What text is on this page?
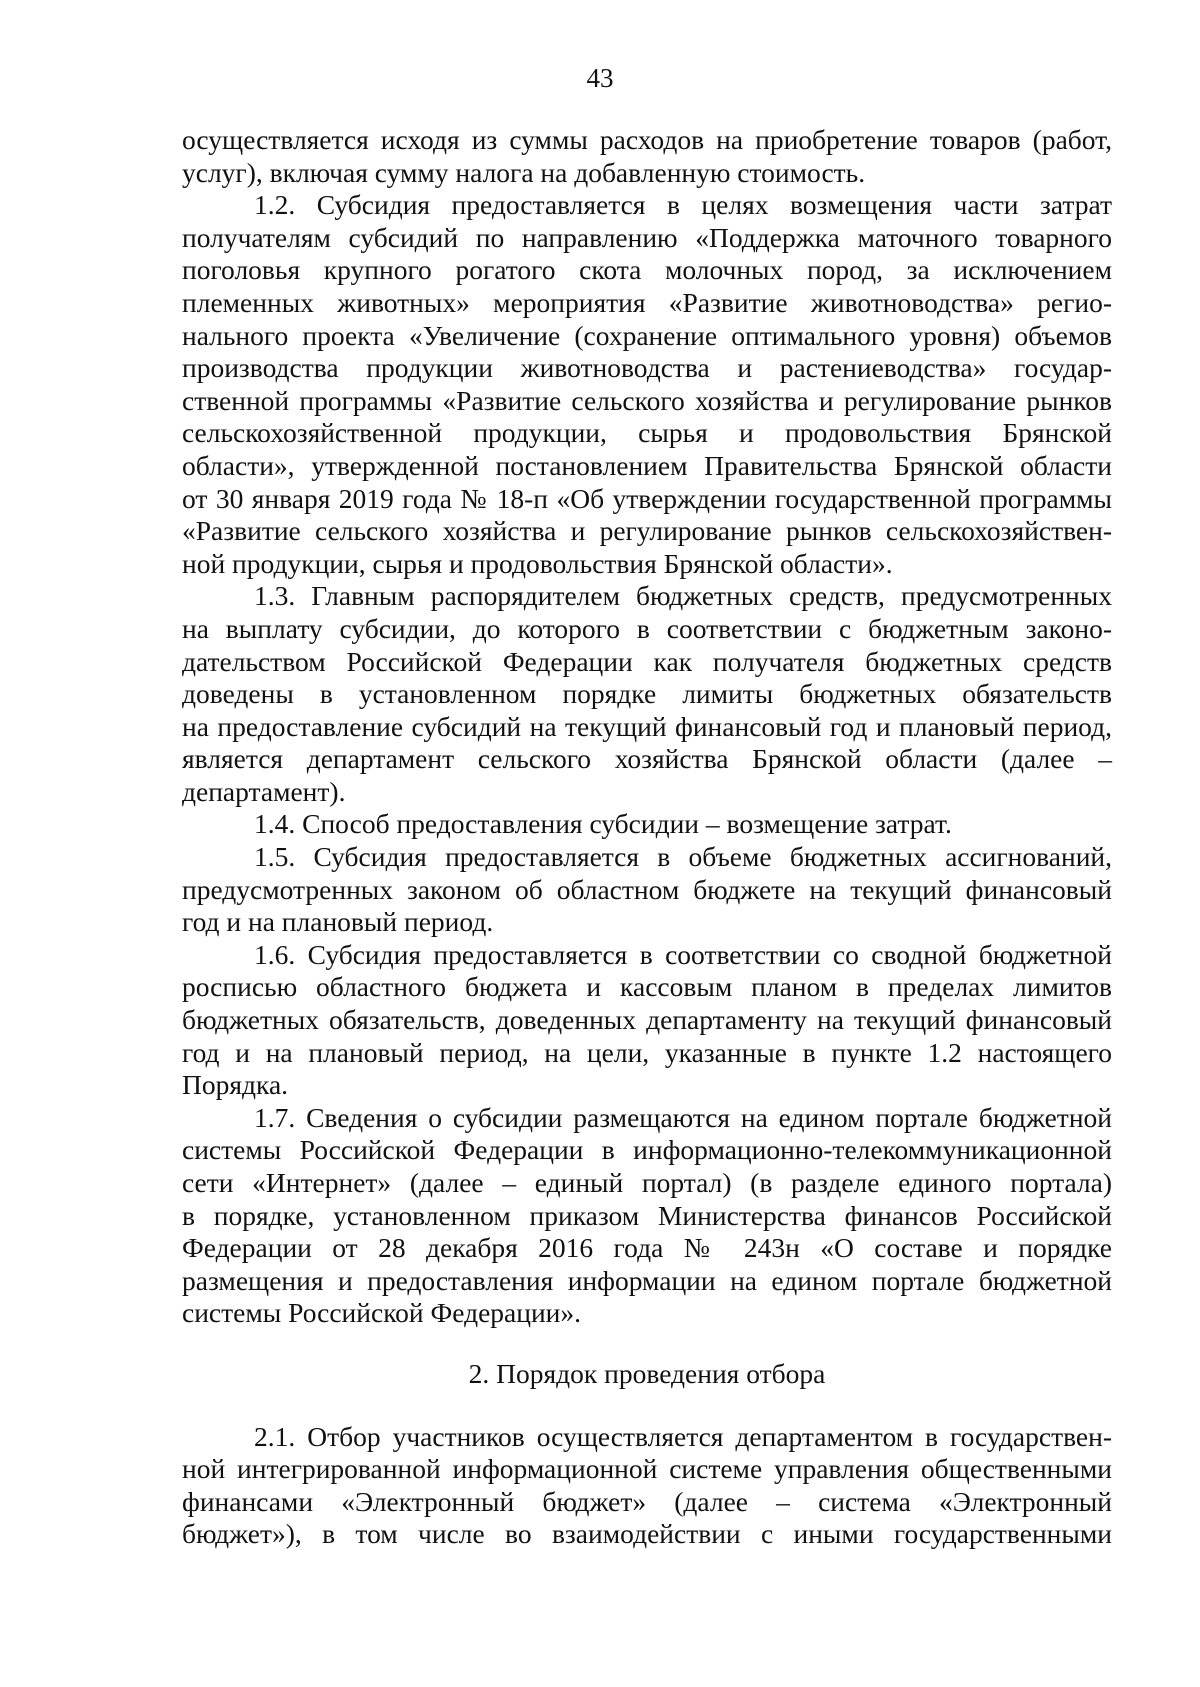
43
осуществляется исходя из суммы расходов на приобретение товаров (работ,
услуг), включая сумму налога на добавленную стоимость.
1.2. Субсидия предоставляется в целях возмещения части затрат
получателям субсидий по направлению «Поддержка маточного товарного
поголовья крупного рогатого скота молочных пород, за исключением
племенных животных» мероприятия «Развитие животноводства» регио-
нального проекта «Увеличение (сохранение оптимального уровня) объемов
производства продукции животноводства и растениеводства» государ-
ственной программы «Развитие сельского хозяйства и регулирование рынков
сельскохозяйственной продукции, сырья и продовольствия Брянской
области», утвержденной постановлением Правительства Брянской области
от 30 января 2019 года № 18-п «Об утверждении государственной программы
«Развитие сельского хозяйства и регулирование рынков сельскохозяйствен-
ной продукции, сырья и продовольствия Брянской области».
1.3. Главным распорядителем бюджетных средств, предусмотренных
на выплату субсидии, до которого в соответствии с бюджетным законо-
дательством Российской Федерации как получателя бюджетных средств
доведены в установленном порядке лимиты бюджетных обязательств
на предоставление субсидий на текущий финансовый год и плановый период,
является департамент сельского хозяйства Брянской области (далее –
департамент).
1.4. Способ предоставления субсидии – возмещение затрат.
1.5. Субсидия предоставляется в объеме бюджетных ассигнований,
предусмотренных законом об областном бюджете на текущий финансовый
год и на плановый период.
1.6. Субсидия предоставляется в соответствии со сводной бюджетной
росписью областного бюджета и кассовым планом в пределах лимитов
бюджетных обязательств, доведенных департаменту на текущий финансовый
год и на плановый период, на цели, указанные в пункте 1.2 настоящего
Порядка.
1.7. Сведения о субсидии размещаются на едином портале бюджетной
системы Российской Федерации в информационно-телекоммуникационной
сети «Интернет» (далее – единый портал) (в разделе единого портала)
в порядке, установленном приказом Министерства финансов Российской
Федерации от 28 декабря 2016 года № 243н «О составе и порядке
размещения и предоставления информации на едином портале бюджетной
системы Российской Федерации».
2. Порядок проведения отбора
2.1. Отбор участников осуществляется департаментом в государствен-
ной интегрированной информационной системе управления общественными
финансами «Электронный бюджет» (далее – система «Электронный
бюджет»), в том числе во взаимодействии с иными государственными
